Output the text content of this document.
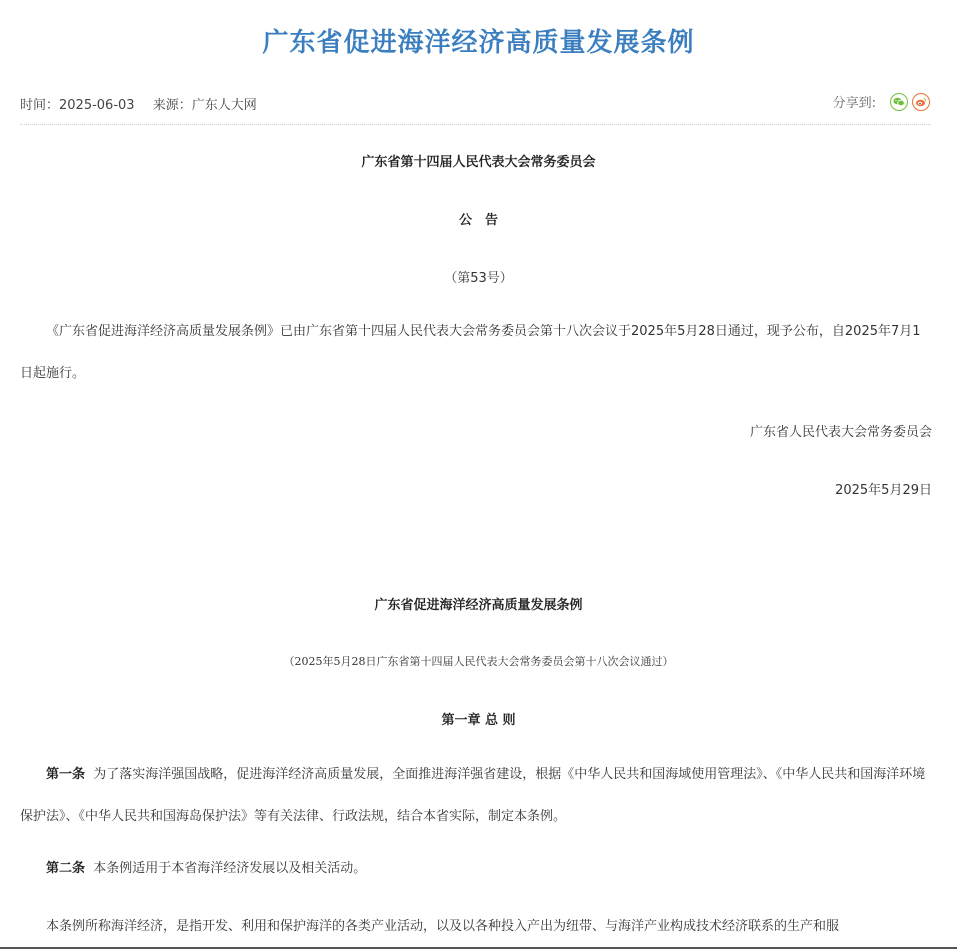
广东省促进海洋经济高质量发展条例
时间：2025-06-03 来源：广东人大网	分享到:
广东省第十四届人民代表大会常务委员会
公　告
（第53号）
《广东省促进海洋经济高质量发展条例》已由广东省第十四届人民代表大会常务委员会第十八次会议于2025年5月28日通过，现予公布，自2025年7月1日起施行。
广东省人民代表大会常务委员会
2025年5月29日
广东省促进海洋经济高质量发展条例
（2025年5月28日广东省第十四届人民代表大会常务委员会第十八次会议通过）
第一章 总 则
第一条 为了落实海洋强国战略，促进海洋经济高质量发展，全面推进海洋强省建设，根据《中华人民共和国海域使用管理法》、《中华人民共和国海洋环境保护法》、《中华人民共和国海岛保护法》等有关法律、行政法规，结合本省实际，制定本条例。
第二条 本条例适用于本省海洋经济发展以及相关活动。
本条例所称海洋经济，是指开发、利用和保护海洋的各类产业活动，以及以各种投入产出为纽带、与海洋产业构成技术经济联系的生产和服
